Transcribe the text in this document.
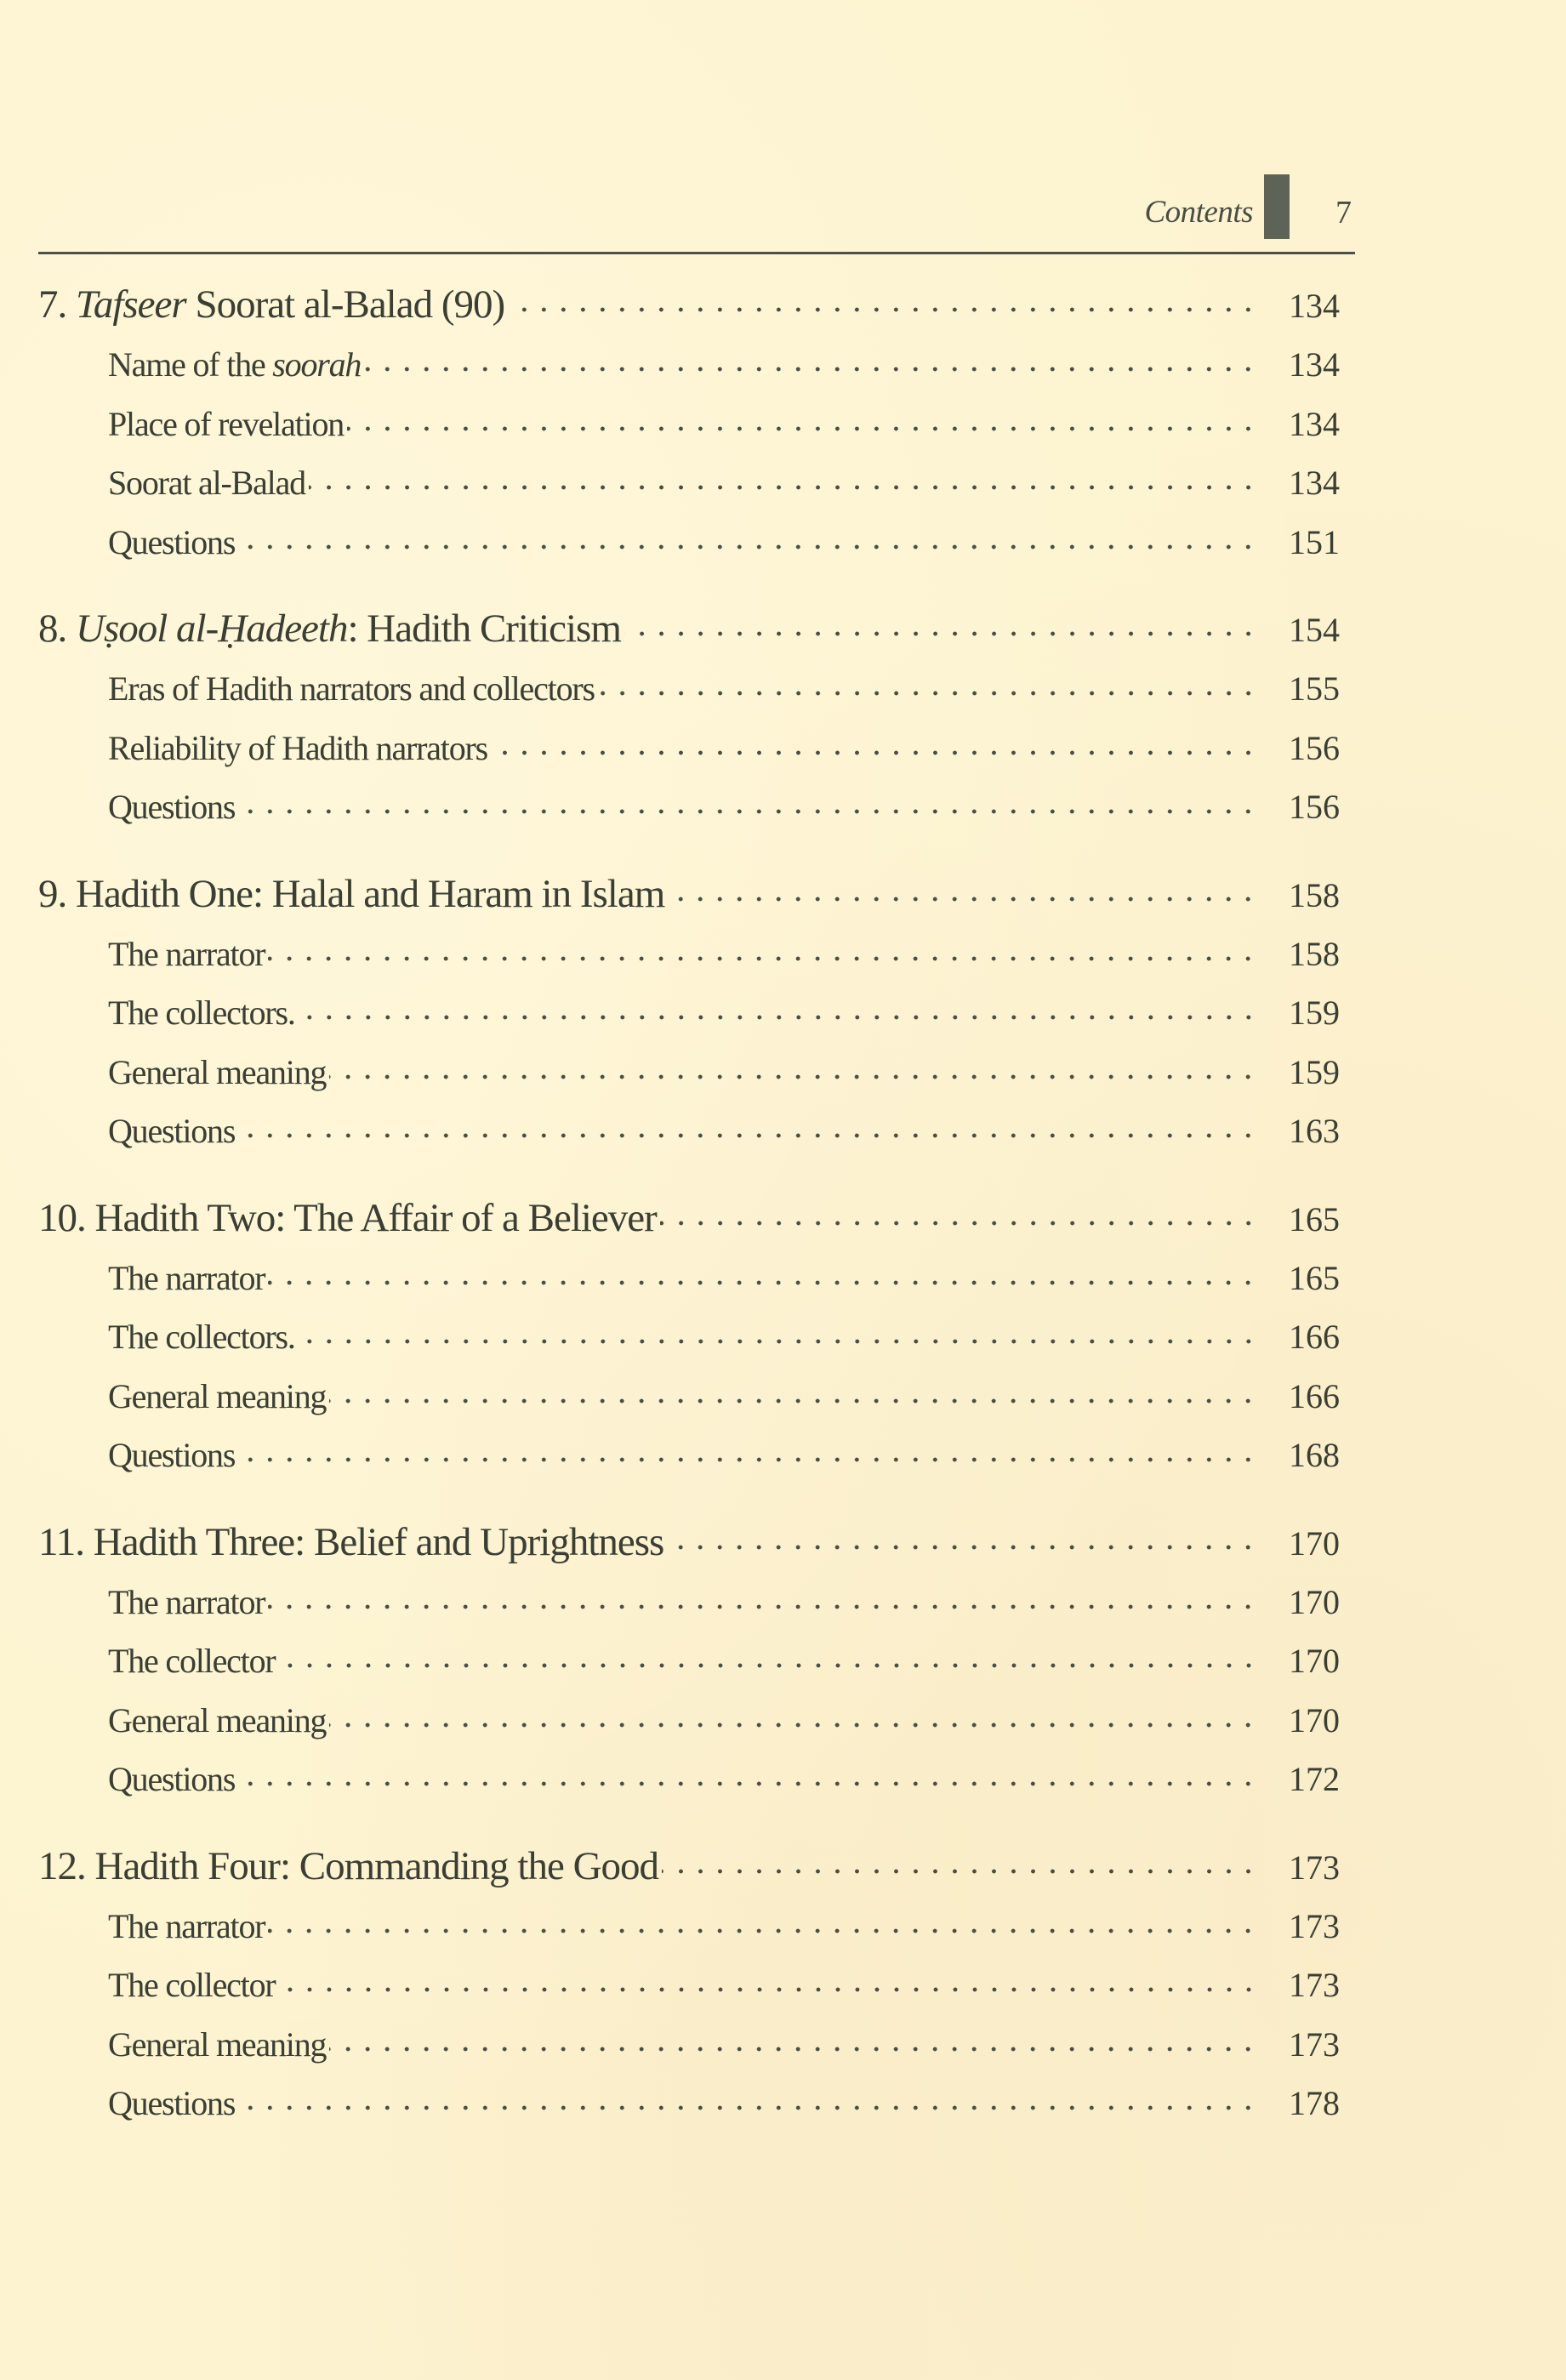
Contents	7
7. Tafseer Soorat al-Balad (90)	134
Name of the soorah	134
Place of revelation	134
Soorat al-Balad	134
Questions	151
8. Uṣool al-Ḥadeeth: Hadith Criticism	154
Eras of Hadith narrators and collectors	155
Reliability of Hadith narrators	156
Questions	156
9. Hadith One: Halal and Haram in Islam	158
The narrator	158
The collectors.	159
General meaning	159
Questions	163
10. Hadith Two: The Affair of a Believer	165
The narrator	165
The collectors.	166
General meaning	166
Questions	168
11. Hadith Three: Belief and Uprightness	170
The narrator	170
The collector	170
General meaning	170
Questions	172
12. Hadith Four: Commanding the Good	173
The narrator	173
The collector	173
General meaning	173
Questions	178
